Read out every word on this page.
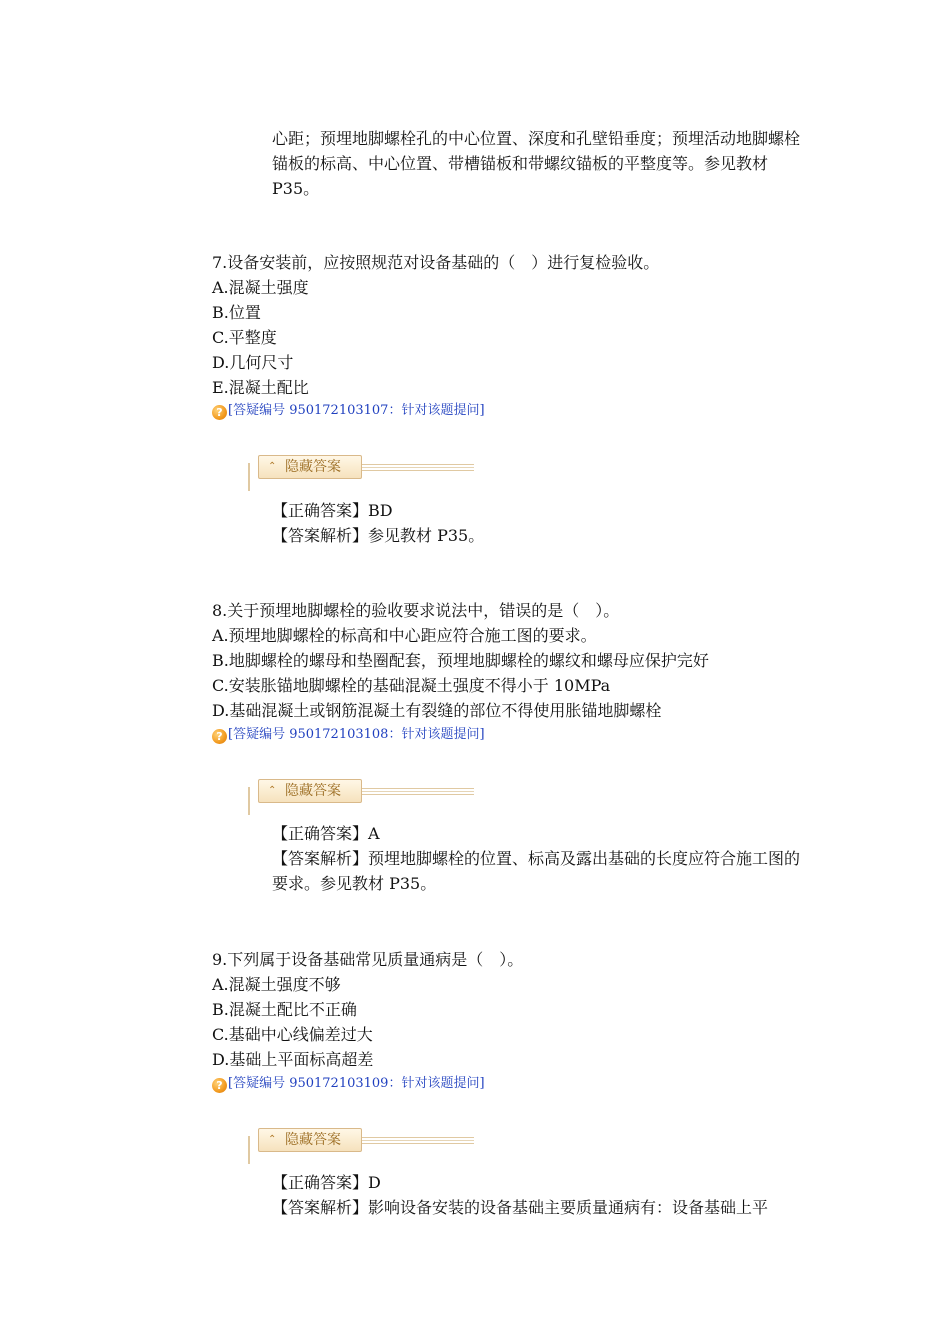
心距；预埋地脚螺栓孔的中心位置、深度和孔壁铅垂度；预埋活动地脚螺栓锚板的标高、中心位置、带槽锚板和带螺纹锚板的平整度等。参见教材 P35。
7.设备安装前，应按照规范对设备基础的（　）进行复检验收。
A.混凝土强度
B.位置
C.平整度
D.几何尺寸
E.混凝土配比
? [答疑编号 950172103107：针对该题提问]
⌃ 隐藏答案
【正确答案】BD
【答案解析】参见教材 P35。
8.关于预埋地脚螺栓的验收要求说法中，错误的是（　）。
A.预埋地脚螺栓的标高和中心距应符合施工图的要求。
B.地脚螺栓的螺母和垫圈配套，预埋地脚螺栓的螺纹和螺母应保护完好
C.安装胀锚地脚螺栓的基础混凝土强度不得小于 10MPa
D.基础混凝土或钢筋混凝土有裂缝的部位不得使用胀锚地脚螺栓
? [答疑编号 950172103108：针对该题提问]
⌃ 隐藏答案
【正确答案】A
【答案解析】预埋地脚螺栓的位置、标高及露出基础的长度应符合施工图的要求。参见教材 P35。
9.下列属于设备基础常见质量通病是（　）。
A.混凝土强度不够
B.混凝土配比不正确
C.基础中心线偏差过大
D.基础上平面标高超差
? [答疑编号 950172103109：针对该题提问]
⌃ 隐藏答案
【正确答案】D
【答案解析】影响设备安装的设备基础主要质量通病有：设备基础上平
